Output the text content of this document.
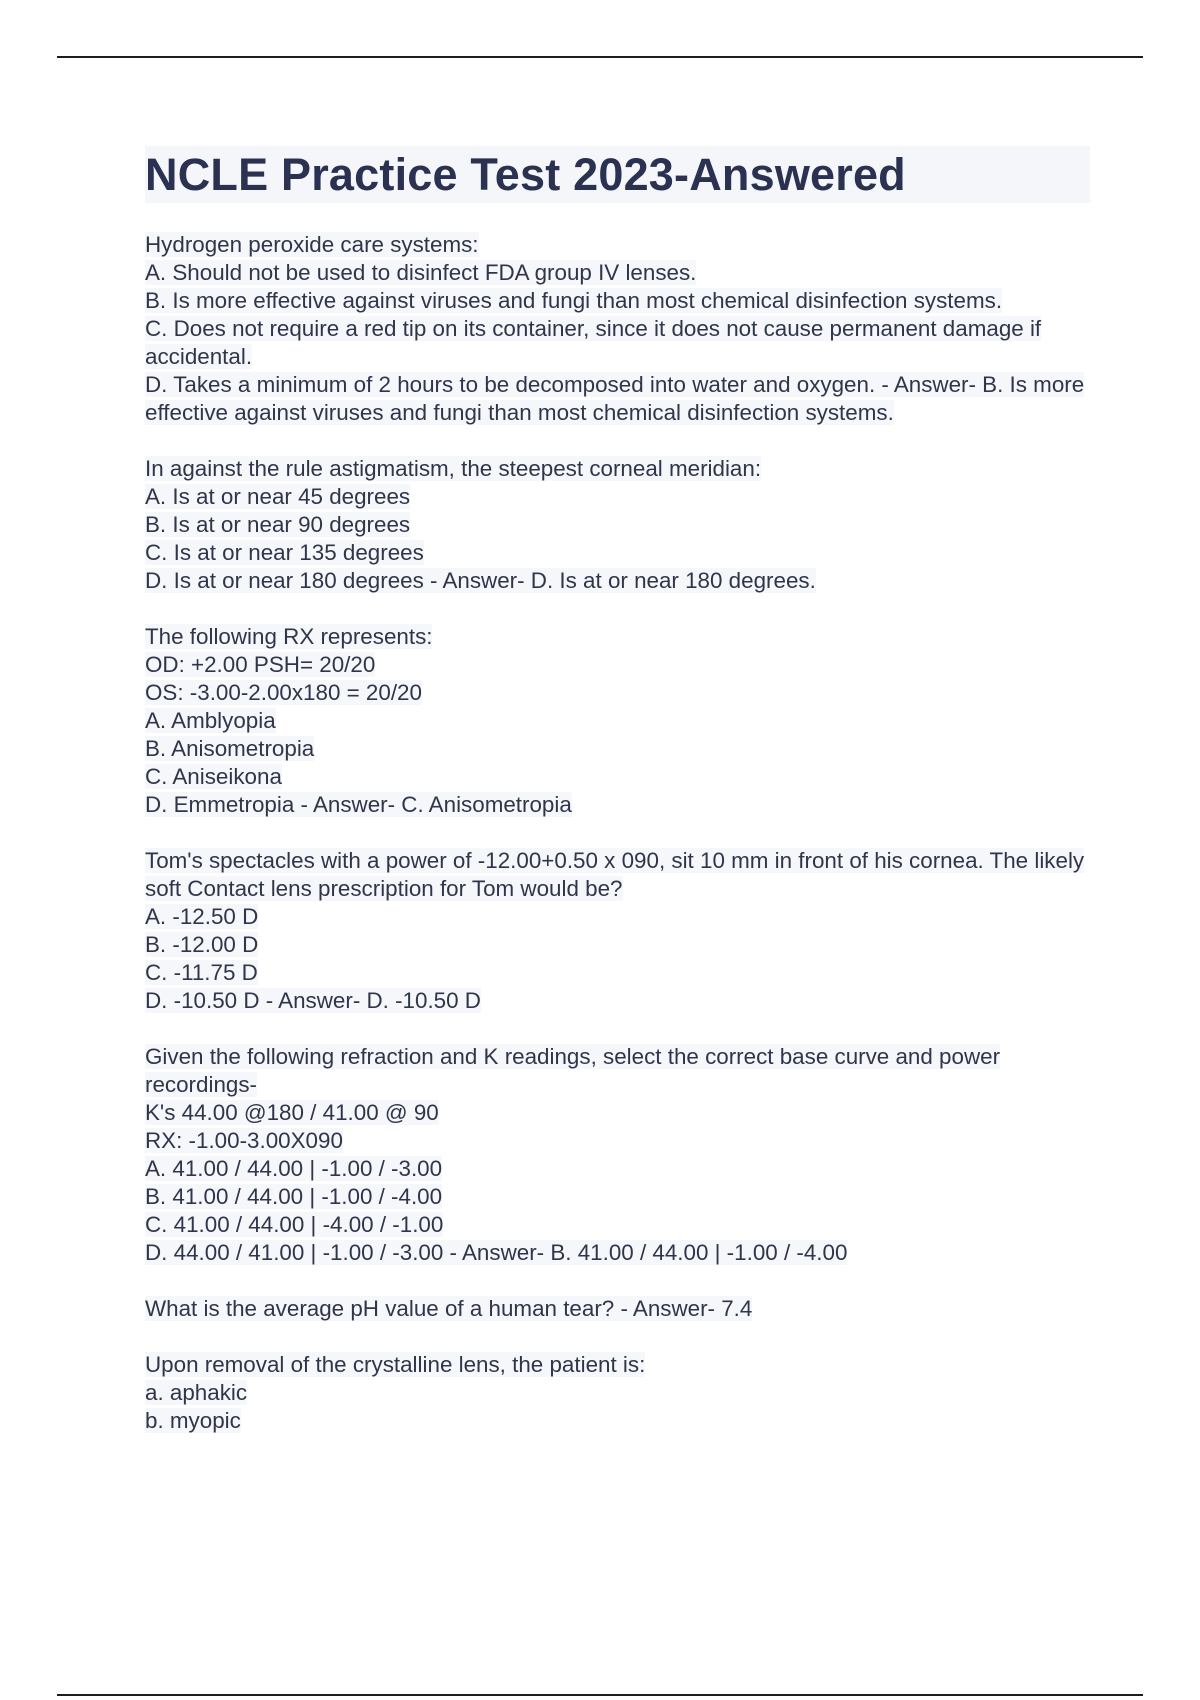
NCLE Practice Test 2023-Answered
Hydrogen peroxide care systems:
A. Should not be used to disinfect FDA group IV lenses.
B. Is more effective against viruses and fungi than most chemical disinfection systems.
C. Does not require a red tip on its container, since it does not cause permanent damage if accidental.
D. Takes a minimum of 2 hours to be decomposed into water and oxygen. - Answer- B. Is more effective against viruses and fungi than most chemical disinfection systems.
In against the rule astigmatism, the steepest corneal meridian:
A. Is at or near 45 degrees
B. Is at or near 90 degrees
C. Is at or near 135 degrees
D. Is at or near 180 degrees - Answer- D. Is at or near 180 degrees.
The following RX represents:
OD: +2.00 PSH= 20/20
OS: -3.00-2.00x180 = 20/20
A. Amblyopia
B. Anisometropia
C. Aniseikona
D. Emmetropia - Answer- C. Anisometropia
Tom's spectacles with a power of -12.00+0.50 x 090, sit 10 mm in front of his cornea. The likely soft Contact lens prescription for Tom would be?
A. -12.50 D
B. -12.00 D
C. -11.75 D
D. -10.50 D - Answer- D. -10.50 D
Given the following refraction and K readings, select the correct base curve and power recordings-
K's 44.00 @180 / 41.00 @ 90
RX: -1.00-3.00X090
A. 41.00 / 44.00 | -1.00 / -3.00
B. 41.00 / 44.00 | -1.00 / -4.00
C. 41.00 / 44.00 | -4.00 / -1.00
D. 44.00 / 41.00 | -1.00 / -3.00 - Answer- B. 41.00 / 44.00 | -1.00 / -4.00
What is the average pH value of a human tear? - Answer- 7.4
Upon removal of the crystalline lens, the patient is:
a. aphakic
b. myopic
